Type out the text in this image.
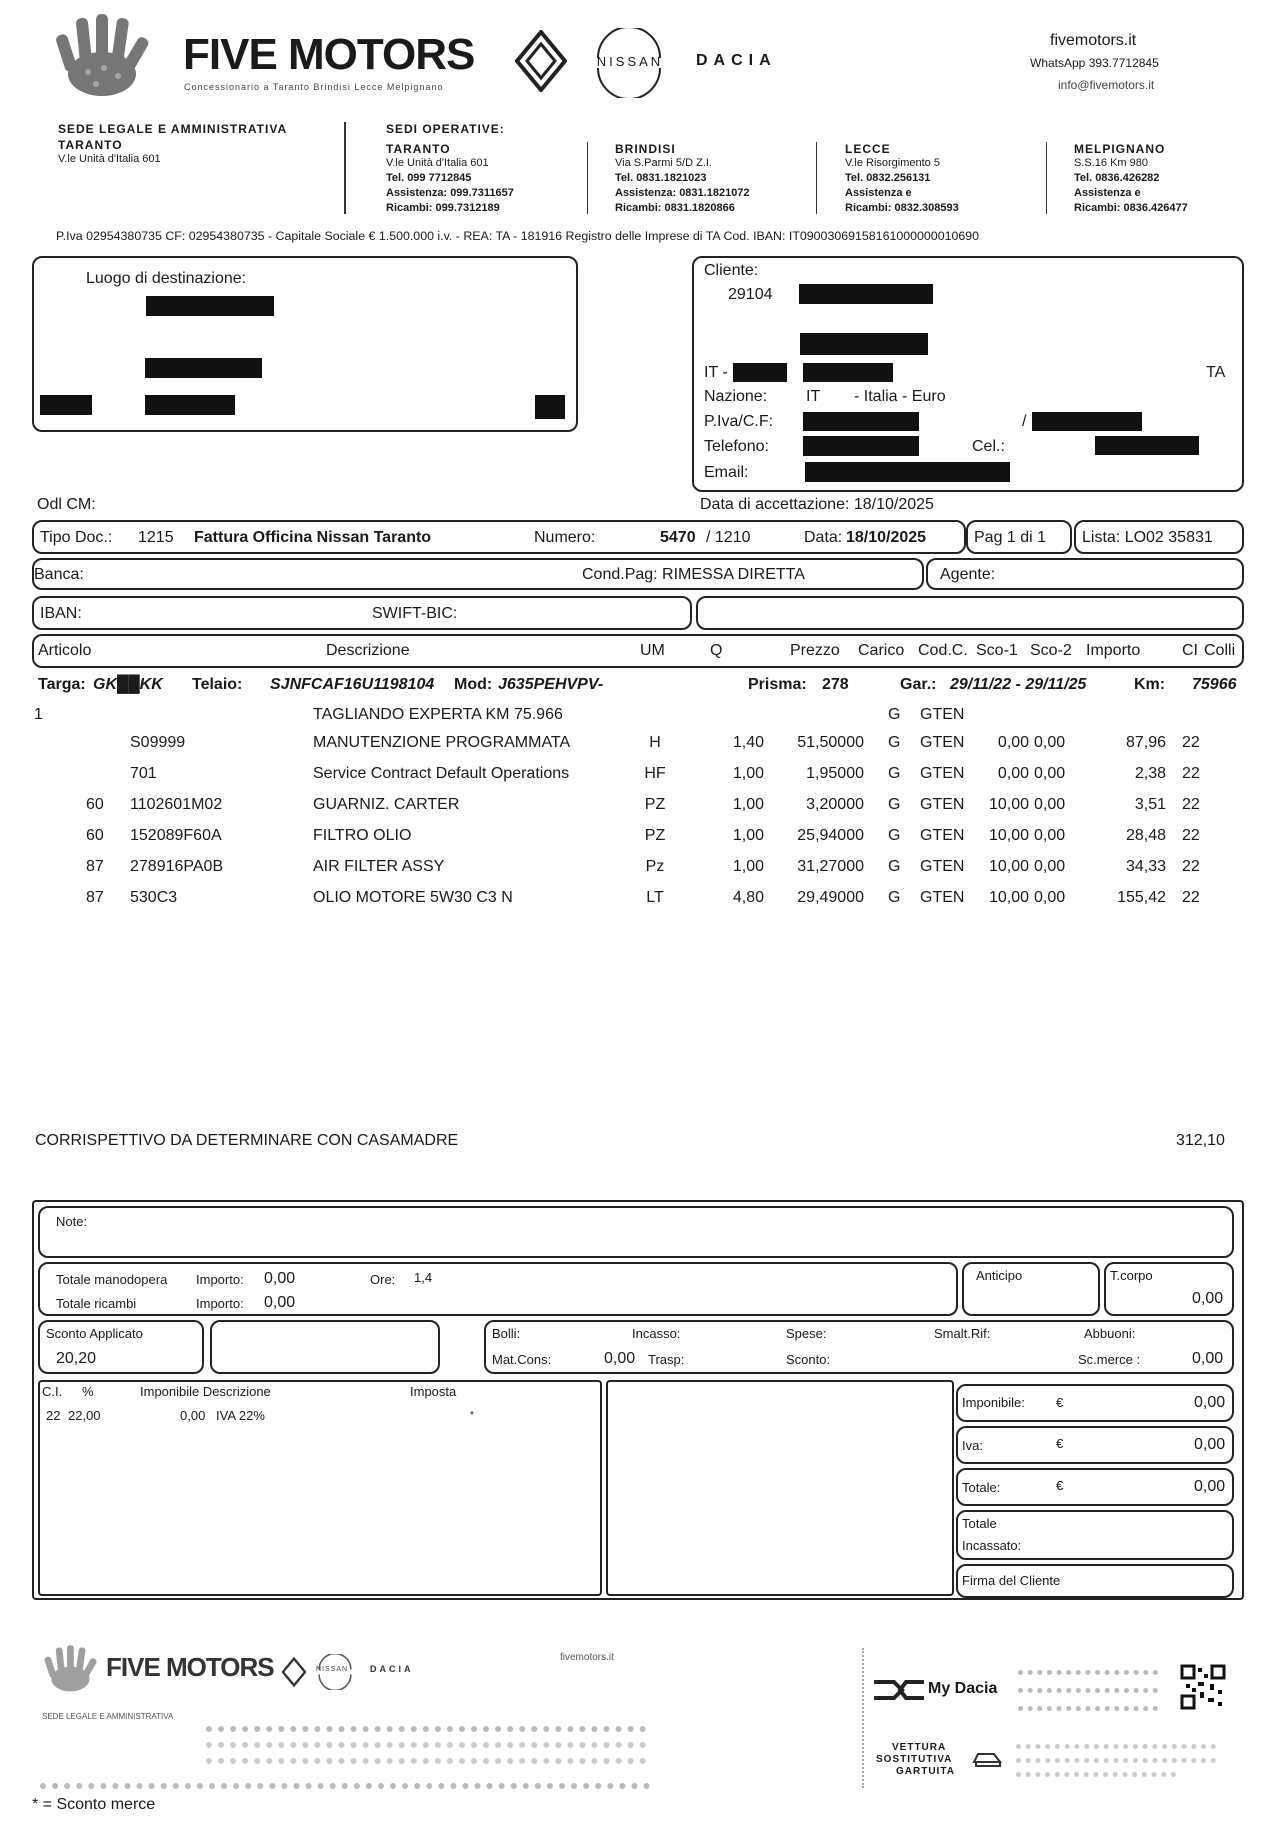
FIVE MOTORS
Concessionario a Taranto Brindisi Lecce Melpignano
NISSAN DACIA
fivemotors.it
WhatsApp 393.7712845
info@fivemotors.it
SEDE LEGALE E AMMINISTRATIVA
TARANTO
V.le Unità d'Italia 601
SEDI OPERATIVE:
TARANTO
V.le Unità d'Italia 601
Tel. 099 7712845
Assistenza: 099.7311657
Ricambi: 099.7312189
BRINDISI
Via S.Parmi 5/D Z.I.
Tel. 0831.1821023
Assistenza: 0831.1821072
Ricambi: 0831.1820866
LECCE
V.le Risorgimento 5
Tel. 0832.256131
Assistenza e
Ricambi: 0832.308593
MELPIGNANO
S.S.16 Km 980
Tel. 0836.426282
Assistenza e
Ricambi: 0836.426477
P.Iva 02954380735 CF: 02954380735 - Capitale Sociale € 1.500.000 i.v. - REA: TA - 181916 Registro delle Imprese di TA Cod. IBAN: IT09003069158161000000010690
Luogo di destinazione:	Cliente:
29104
IT -	TA
Nazione: IT - Italia - Euro
P.Iva/C.F:	/
Telefono:	Cel.:
Email:
Odl CM:	Data di accettazione: 18/10/2025
Tipo Doc.: 1215 Fattura Officina Nissan Taranto	Numero:	5470 / 1210	Data: 18/10/2025	Pag 1 di 1 Lista: LO02 35831
Banca:	Cond.Pag: RIMESSA DIRETTA	Agente:
IBAN:	SWIFT-BIC:
Articolo	Descrizione	UM	Q	Prezzo Carico Cod.C. Sco-1 Sco-2 Importo	CI Colli
Targa: GK██KK Telaio: SJNFCAF16U1198104 Mod: J635PEHVPV-	Prisma: 278	Gar.: 29/11/22 - 29/11/25	Km: 75966
1	TAGLIANDO EXPERTA KM 75.966	G GTEN
S09999	MANUTENZIONE PROGRAMMATA	H	1,40	51,50000 G GTEN	0,00 0,00	87,96 22
701	Service Contract Default Operations	HF	1,00	1,95000 G GTEN	0,00 0,00	2,38 22
60 1102601M02	GUARNIZ. CARTER	PZ	1,00	3,20000 G GTEN 10,00 0,00	3,51 22
60 152089F60A	FILTRO OLIO	PZ	1,00	25,94000 G GTEN 10,00 0,00	28,48 22
87 278916PA0B	AIR FILTER ASSY	Pz	1,00	31,27000 G GTEN 10,00 0,00	34,33 22
87 530C3	OLIO MOTORE 5W30 C3 N	LT	4,80	29,49000 G GTEN 10,00 0,00	155,42 22
CORRISPETTIVO DA DETERMINARE CON CASAMADRE	312,10
Note:
Totale manodopera Importo: 0,00	Ore: 1,4
Totale ricambi	Importo: 0,00
Anticipo	T.corpo
0,00
Sconto Applicato
20,20
Bolli:	Incasso:	Spese:	Smalt.Rif:	Abbuoni:
Mat.Cons:	0,00 Trasp:	Sconto:	Sc.merce :	0,00
C.I. %	Imponibile Descrizione	Imposta
22 22,00	0,00 IVA 22%	*
Imponibile: €	0,00
Iva:	€	0,00
Totale:	€	0,00
Totale
Incassato:
Firma del Cliente
FIVE MOTORS	NISSAN DACIA
fivemotors.it
SEDE LEGALE E AMMINISTRATIVA
My Dacia
VETTURA
SOSTITUTIVA
GARTUITA
* = Sconto merce
